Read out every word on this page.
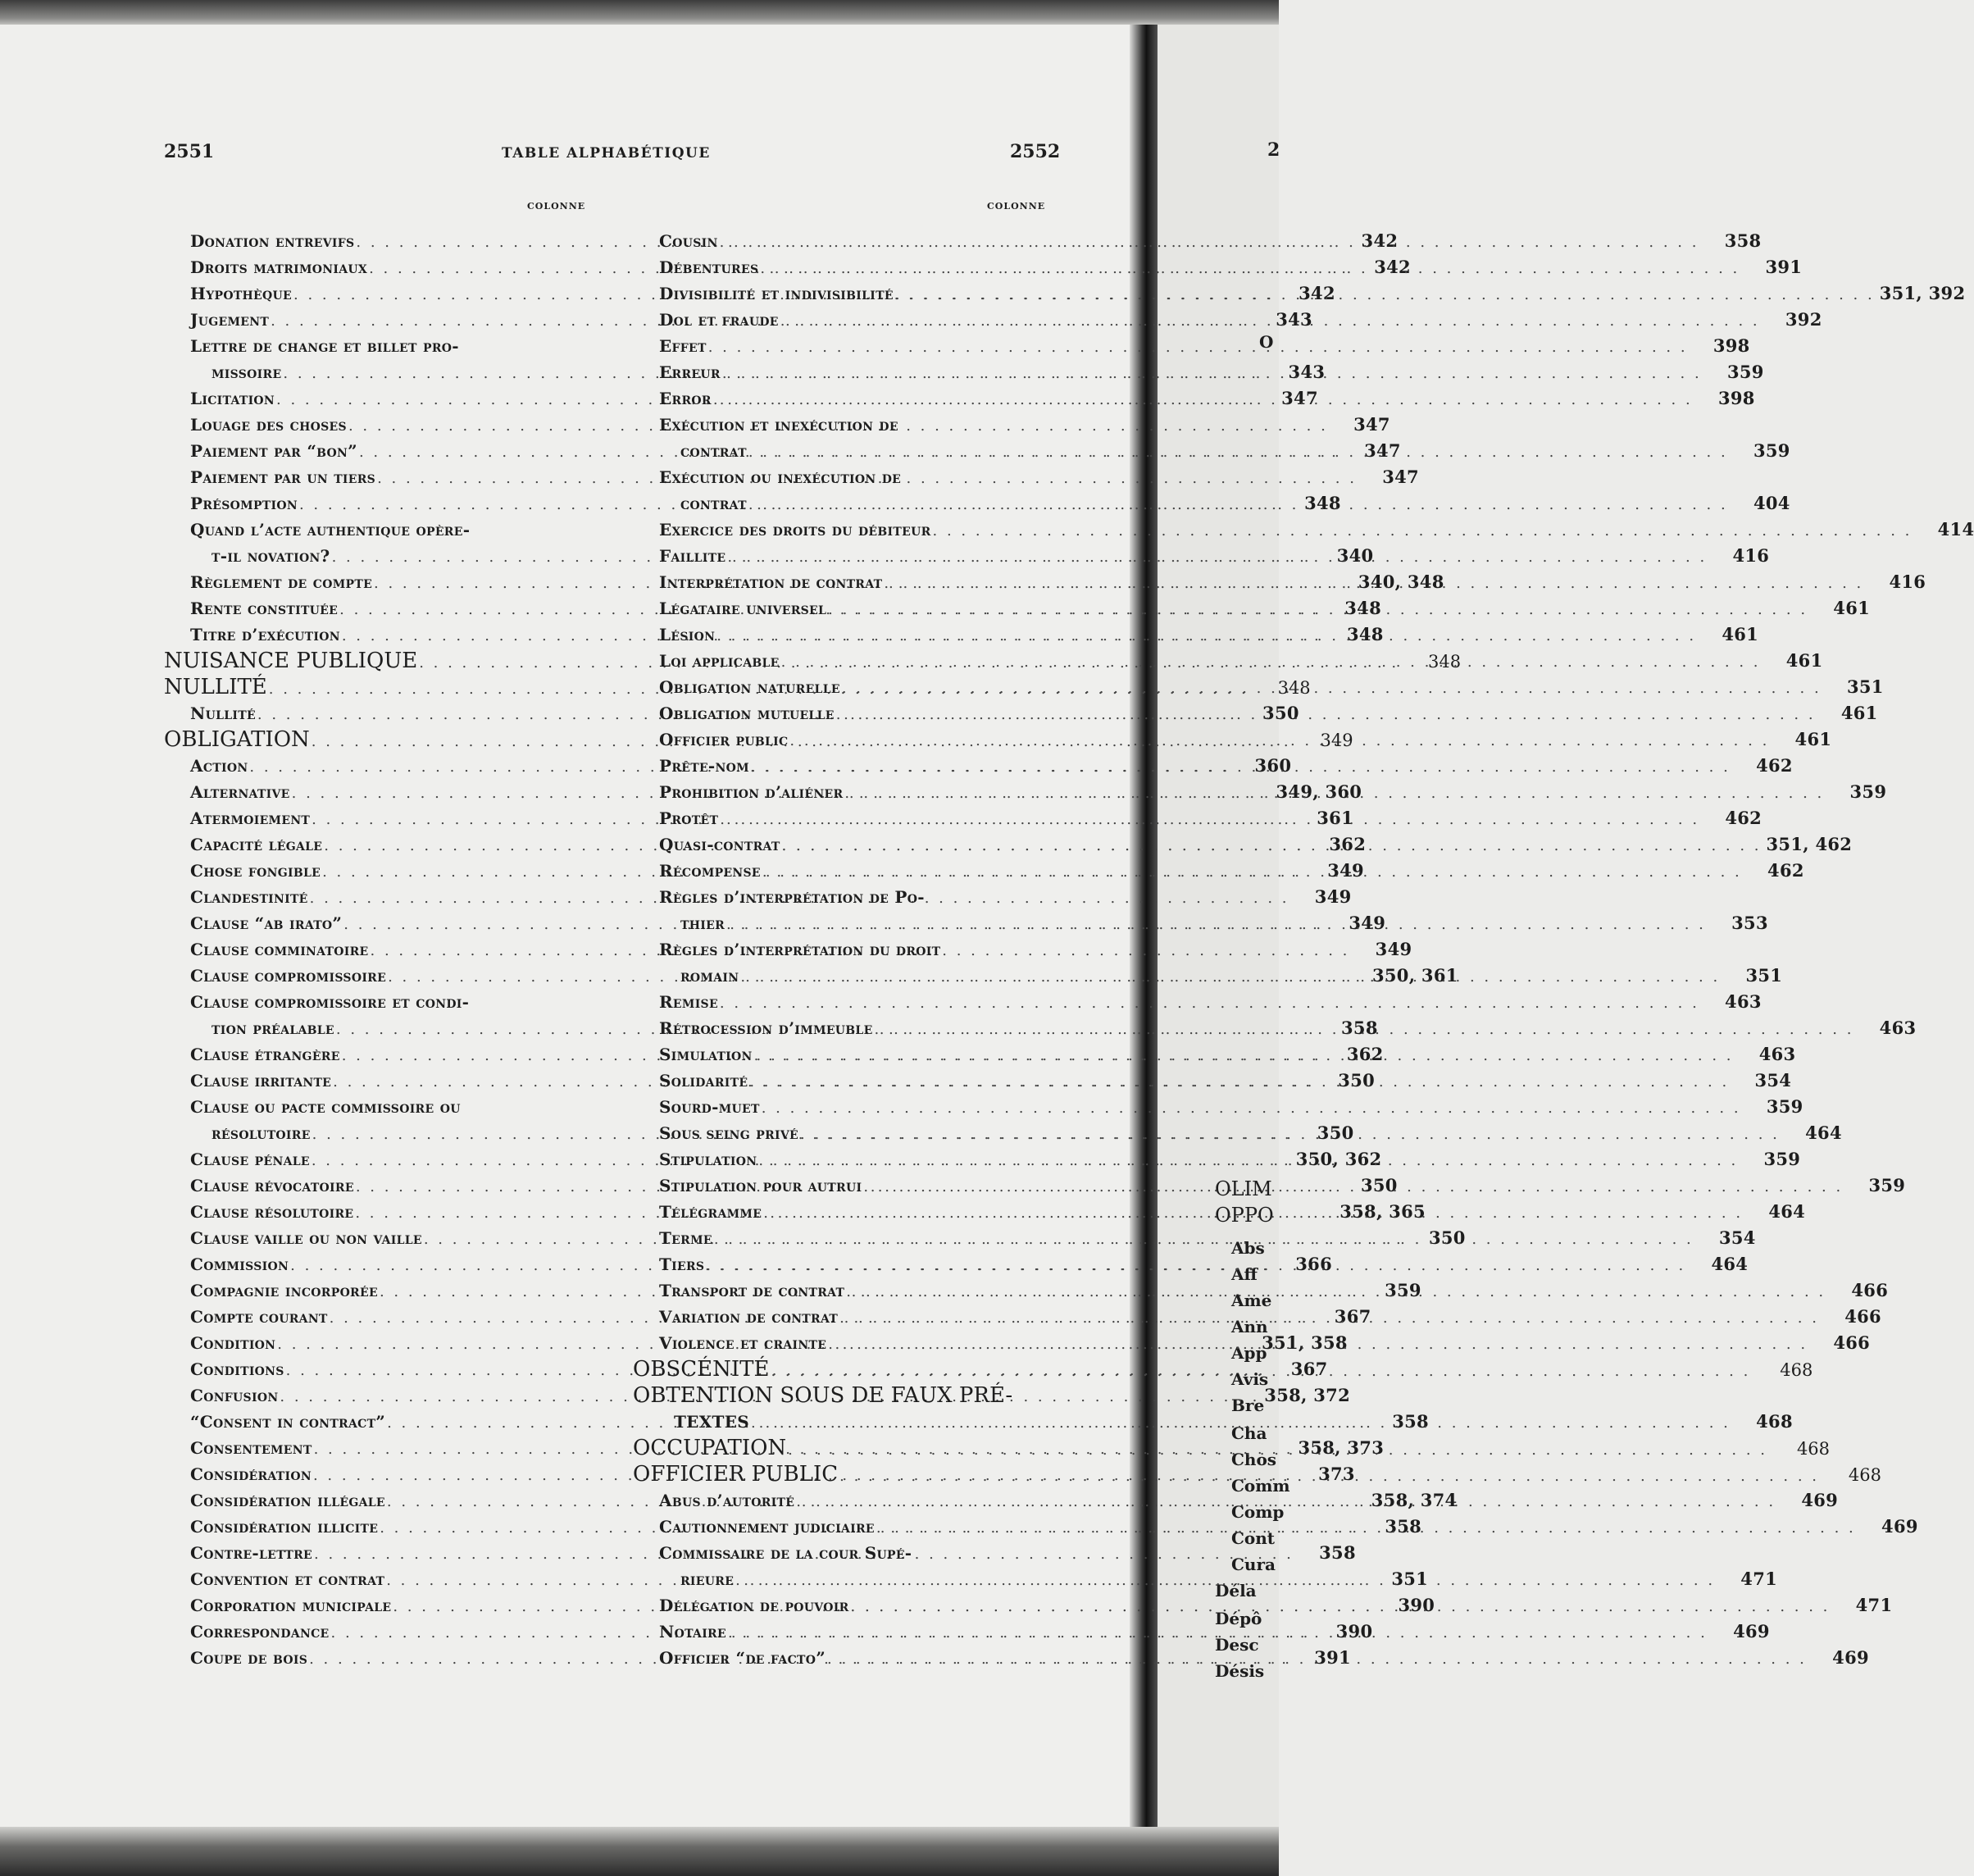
O
OLIM
OPPO
Abs
Aff
Ame
Ann
App
Avis
Bre
Cha
Chos
Comm
Comp
Cont
Cura
Déla
Dépô
Desc
Désis
2551	TABLE ALPHABÉTIQUE	2552	2
COLONNE	COLONNE
Donation entrevifs . . .	342
Droits matrimoniaux . . .	342
Hypothèque . . .	342
Jugement . . .	343
Lettre de change et billet pro-
missoire . . .	343
Licitation . . .	347
Louage des choses . . .	347
Paiement par “bon” . . .	347
Paiement par un tiers . . .	347
Présomption . . .	348
Quand l’acte authentique opère-
t-il novation? . . .	340
Règlement de compte . . .	340, 348
Rente constituée . . .	348
Titre d’exécution . . .	348
NUISANCE PUBLIQUE . . .	348
NULLITÉ . . .	348
Nullité . . .	350
OBLIGATION . . .	349
Action . . .	360
Alternative . . .	349, 360
Atermoiement . . .	361
Capacité légale . . .	362
Chose fongible . . .	349
Clandestinité . . .	349
Clause “ab irato” . . .	349
Clause comminatoire . . .	349
Clause compromissoire . . .	350, 361
Clause compromissoire et condi-
tion préalable . . .	358
Clause étrangère . . .	362
Clause irritante . . .	350
Clause ou pacte commissoire ou
résolutoire . . .	350
Clause pénale . . .	350, 362
Clause révocatoire . . .	350
Clause résolutoire . . .	358, 365
Clause vaille ou non vaille . . .	350
Commission . . .	366
Compagnie incorporée . . .	359
Compte courant . . .	367
Condition . . .	351, 358
Conditions . . .	367
Confusion . . .	358, 372
“Consent in contract” . . .	358
Consentement . . .	358, 373
Considération . . .	373
Considération illégale . . .	358, 374
Considération illicite . . .	358
Contre-lettre . . .	358
Convention et contrat . . .	351
Corporation municipale . . .	390
Correspondance . . .	390
Coupe de bois . . .	391
Cousin . . .	358
Débentures . . .	391
Divisibilité et indivisibilité . . .	351, 392
Dol et fraude . . .	392
Effet . . .	398
Erreur . . .	359
Error . . .	398
Exécution et inexécution de
contrat . . .	359
Exécution ou inexécution de
contrat . . .	404
Exercice des droits du débiteur . . .	414
Faillite . . .	416
Interprétation de contrat . . .	416
Légataire universel . . .	461
Lésion . . .	461
Loi applicable . . .	461
Obligation naturelle . . .	351
Obligation mutuelle . . .	461
Officier public . . .	461
Prête-nom . . .	462
Prohibition d’aliéner . . .	359
Protêt . . .	462
Quasi-contrat . . .	351, 462
Récompense . . .	462
Règles d’interprétation de Po-
thier . . .	353
Règles d’interprétation du droit
romain . . .	351
Remise . . .	463
Rétrocession d’immeuble . . .	463
Simulation . . .	463
Solidarité . . .	354
Sourd-muet . . .	359
Sous seing privé . . .	464
Stipulation . . .	359
Stipulation pour autrui . . .	359
Télégramme . . .	464
Terme . . .	354
Tiers . . .	464
Transport de contrat . . .	466
Variation de contrat . . .	466
Violence et crainte . . .	466
OBSCÉNITÉ . . .	468
OBTENTION SOUS DE FAUX PRÉ-
TEXTES . . .	468
OCCUPATION . . .	468
OFFICIER PUBLIC . . .	468
Abus d’autorité . . .	469
Cautionnement judiciaire . . .	469
Commissaire de la cour Supé-
rieure . . .	471
Délégation de pouvoir . . .	471
Notaire . . .	469
Officier “de facto” . . .	469
